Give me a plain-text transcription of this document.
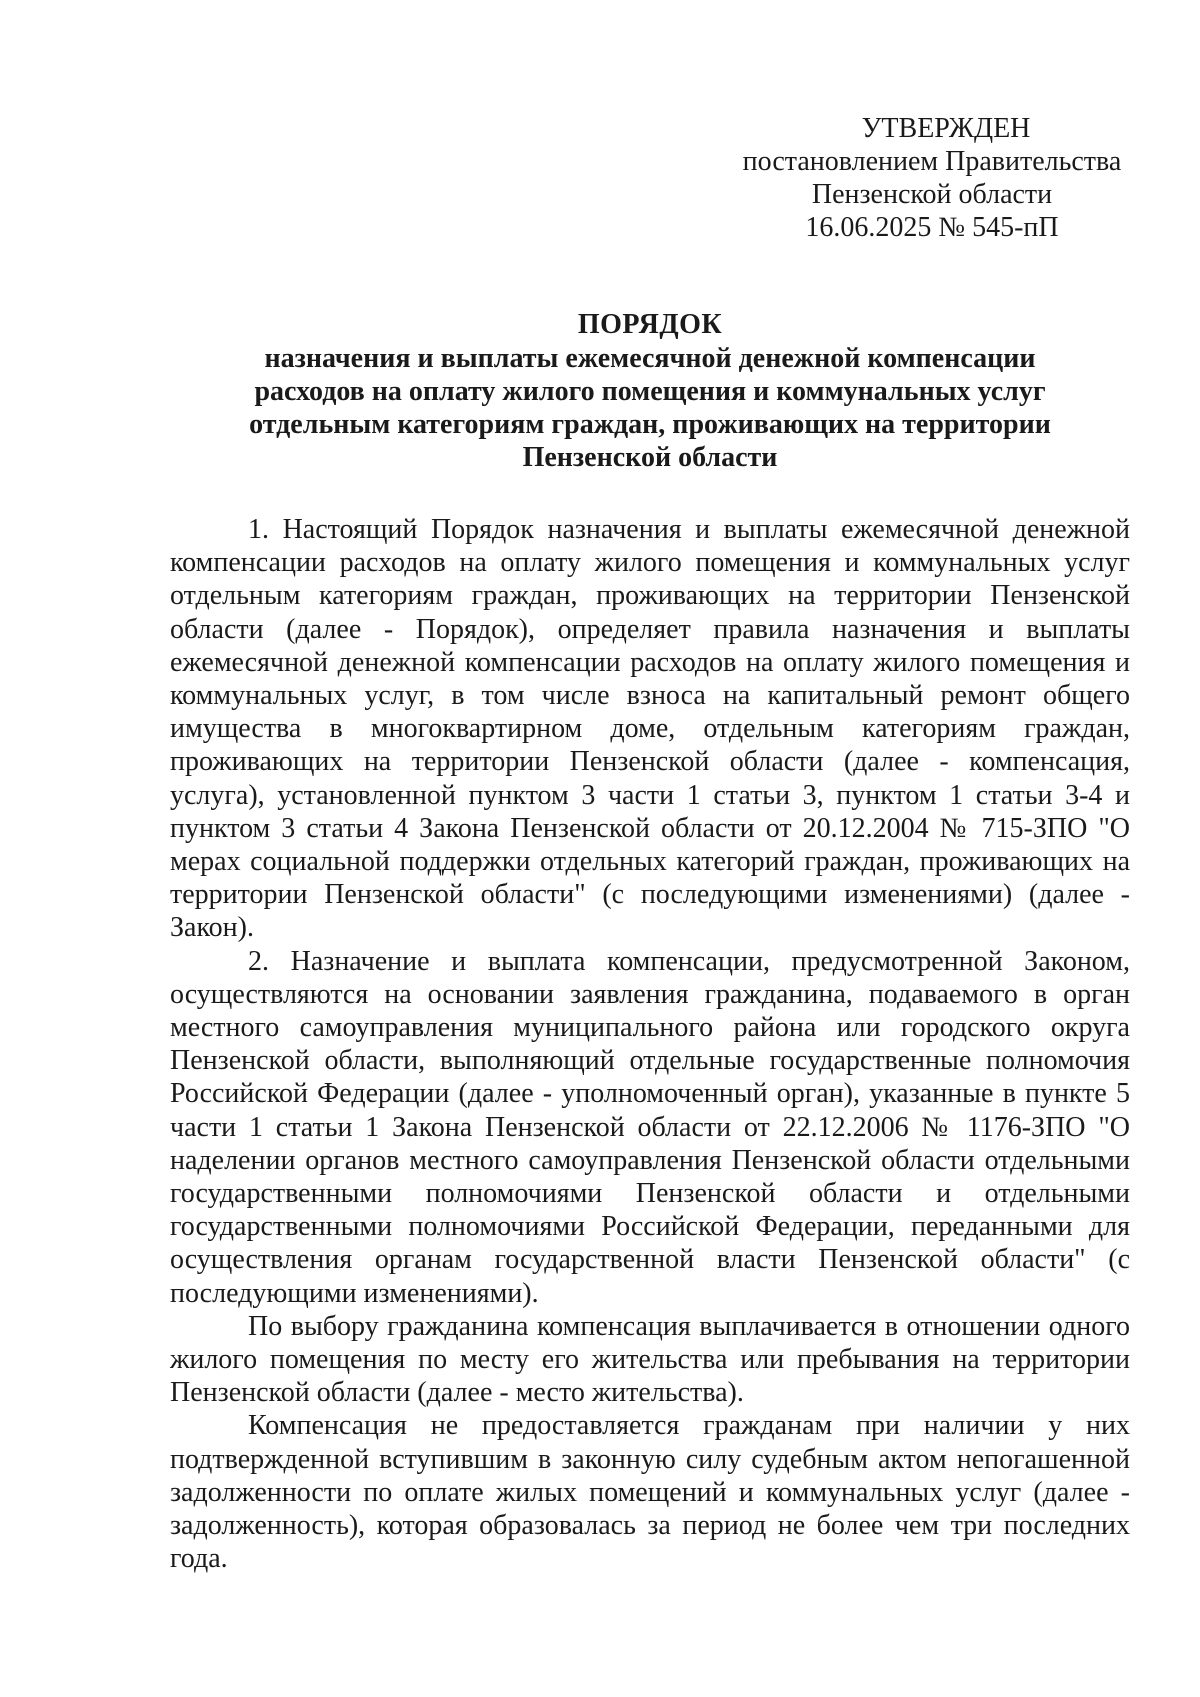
УТВЕРЖДЕН
постановлением Правительства
Пензенской области
16.06.2025 № 545-пП
ПОРЯДОК
назначения и выплаты ежемесячной денежной компенсации
расходов на оплату жилого помещения и коммунальных услуг
отдельным категориям граждан, проживающих на территории
Пензенской области

1. Настоящий Порядок назначения и выплаты ежемесячной денежной компенсации расходов на оплату жилого помещения и коммунальных услуг отдельным категориям граждан, проживающих на территории Пензенской области (далее - Порядок), определяет правила назначения и выплаты ежемесячной денежной компенсации расходов на оплату жилого помещения и коммунальных услуг, в том числе взноса на капитальный ремонт общего имущества в многоквартирном доме, отдельным категориям граждан, проживающих на территории Пензенской области (далее - компенсация, услуга), установленной пунктом 3 части 1 статьи 3, пунктом 1 статьи 3-4 и пунктом 3 статьи 4 Закона Пензенской области от 20.12.2004 № 715-ЗПО "О мерах социальной поддержки отдельных категорий граждан, проживающих на территории Пензенской области" (с последующими изменениями) (далее - Закон).

2. Назначение и выплата компенсации, предусмотренной Законом, осуществляются на основании заявления гражданина, подаваемого в орган местного самоуправления муниципального района или городского округа Пензенской области, выполняющий отдельные государственные полномочия Российской Федерации (далее - уполномоченный орган), указанные в пункте 5 части 1 статьи 1 Закона Пензенской области от 22.12.2006 № 1176-ЗПО "О наделении органов местного самоуправления Пензенской области отдельными государственными полномочиями Пензенской области и отдельными государственными полномочиями Российской Федерации, переданными для осуществления органам государственной власти Пензенской области" (с последующими изменениями).

По выбору гражданина компенсация выплачивается в отношении одного жилого помещения по месту его жительства или пребывания на территории Пензенской области (далее - место жительства).

Компенсация не предоставляется гражданам при наличии у них подтвержденной вступившим в законную силу судебным актом непогашенной задолженности по оплате жилых помещений и коммунальных услуг (далее - задолженность), которая образовалась за период не более чем три последних года.
